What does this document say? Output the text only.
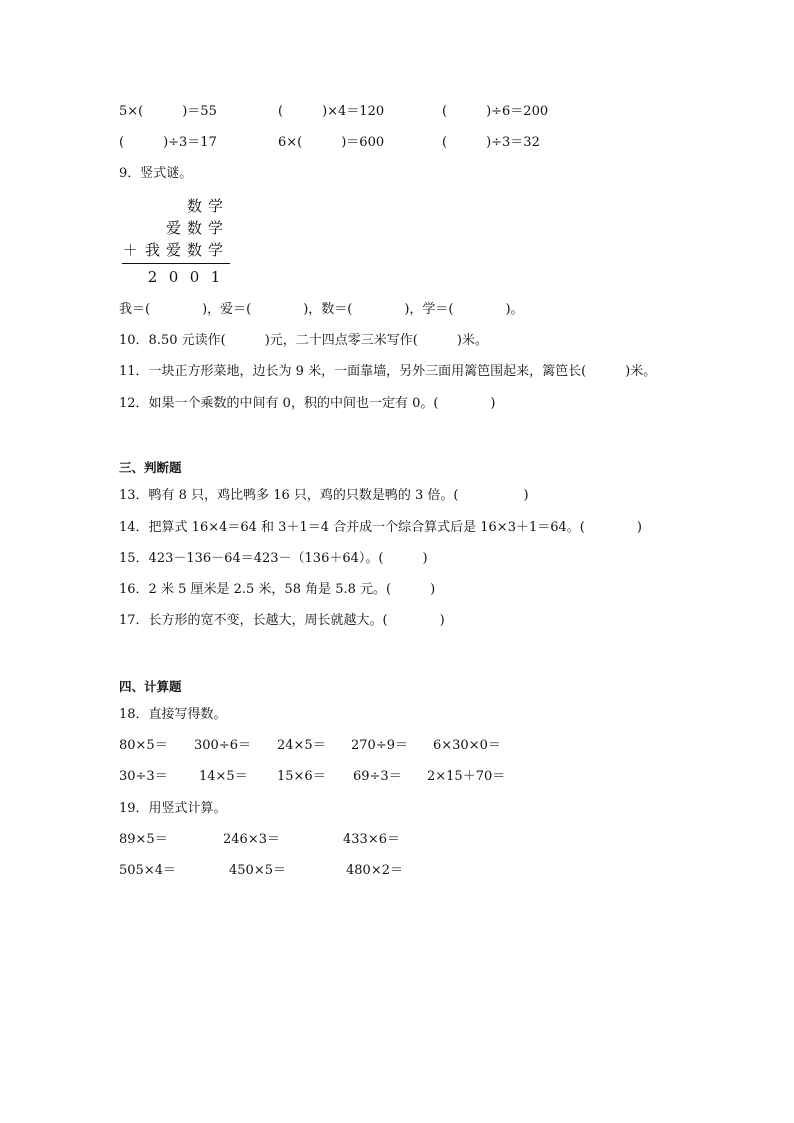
5×(　　　)＝55	(　　　)×4＝120	(　　　)÷6＝200
(　　　)÷3＝17	6×(　　　)＝600	(　　　)÷3＝32
9．竖式谜。
数 学
爱 数 学
＋ 我 爱 数 学
2 0 0 1
我＝(　　　　)，爱＝(　　　　)，数＝(　　　　)，学＝(　　　　)。
10．8.50 元读作(　　　)元，二十四点零三米写作(　　　)米。
11．一块正方形菜地，边长为 9 米，一面靠墙，另外三面用篱笆围起来，篱笆长(　　　)米。
12．如果一个乘数的中间有 0，积的中间也一定有 0。(　　　　)
三、判断题
13．鸭有 8 只，鸡比鸭多 16 只，鸡的只数是鸭的 3 倍。(　　　　　)
14．把算式 16×4＝64 和 3＋1＝4 合并成一个综合算式后是 16×3＋1＝64。(　　　　)
15．423－136－64＝423－（136＋64）。(　　　)
16．2 米 5 厘米是 2.5 米，58 角是 5.8 元。(　　　)
17．长方形的宽不变，长越大，周长就越大。(　　　　)
四、计算题
18．直接写得数。
80×5＝ 300÷6＝ 24×5＝ 270÷9＝ 6×30×0＝
30÷3＝ 14×5＝ 15×6＝ 69÷3＝ 2×15＋70＝
19．用竖式计算。
89×5＝	246×3＝	433×6＝
505×4＝	450×5＝	480×2＝
